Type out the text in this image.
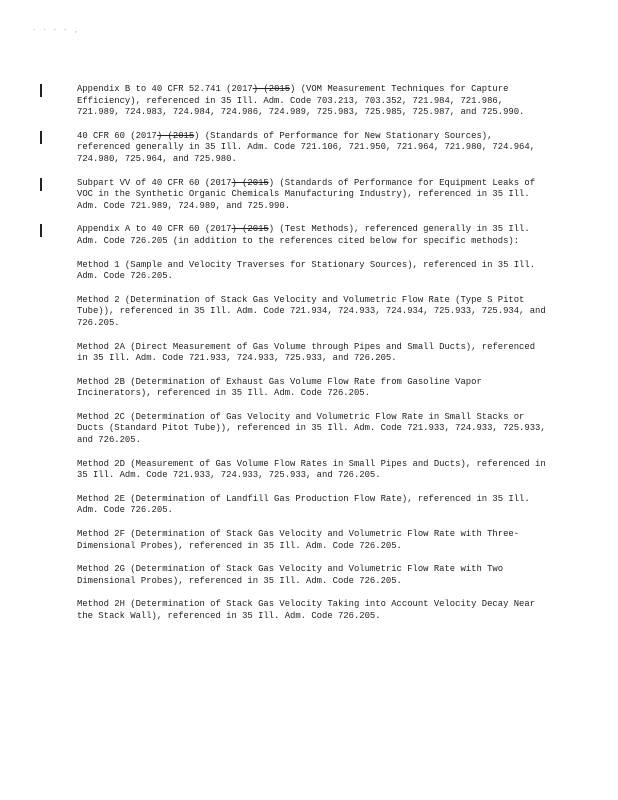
· · · · ,

Appendix B to 40 CFR 52.741 (2017) (2015) (VOM Measurement Techniques for Capture Efficiency), referenced in 35 Ill. Adm. Code 703.213, 703.352, 721.984, 721.986, 721.989, 724.983, 724.984, 724.986, 724.989, 725.983, 725.985, 725.987, and 725.990.

40 CFR 60 (2017) (2015) (Standards of Performance for New Stationary Sources), referenced generally in 35 Ill. Adm. Code 721.106, 721.950, 721.964, 721.980, 724.964, 724.980, 725.964, and 725.980.

Subpart VV of 40 CFR 60 (2017) (2015) (Standards of Performance for Equipment Leaks of VOC in the Synthetic Organic Chemicals Manufacturing Industry), referenced in 35 Ill. Adm. Code 721.989, 724.989, and 725.990.

Appendix A to 40 CFR 60 (2017) (2015) (Test Methods), referenced generally in 35 Ill. Adm. Code 726.205 (in addition to the references cited below for specific methods):

Method 1 (Sample and Velocity Traverses for Stationary Sources), referenced in 35 Ill. Adm. Code 726.205.

Method 2 (Determination of Stack Gas Velocity and Volumetric Flow Rate (Type S Pitot Tube)), referenced in 35 Ill. Adm. Code 721.934, 724.933, 724.934, 725.933, 725.934, and 726.205.

Method 2A (Direct Measurement of Gas Volume through Pipes and Small Ducts), referenced in 35 Ill. Adm. Code 721.933, 724.933, 725.933, and 726.205.

Method 2B (Determination of Exhaust Gas Volume Flow Rate from Gasoline Vapor Incinerators), referenced in 35 Ill. Adm. Code 726.205.

Method 2C (Determination of Gas Velocity and Volumetric Flow Rate in Small Stacks or Ducts (Standard Pitot Tube)), referenced in 35 Ill. Adm. Code 721.933, 724.933, 725.933, and 726.205.

Method 2D (Measurement of Gas Volume Flow Rates in Small Pipes and Ducts), referenced in 35 Ill. Adm. Code 721.933, 724.933, 725.933, and 726.205.

Method 2E (Determination of Landfill Gas Production Flow Rate), referenced in 35 Ill. Adm. Code 726.205.

Method 2F (Determination of Stack Gas Velocity and Volumetric Flow Rate with Three-Dimensional Probes), referenced in 35 Ill. Adm. Code 726.205.

Method 2G (Determination of Stack Gas Velocity and Volumetric Flow Rate with Two Dimensional Probes), referenced in 35 Ill. Adm. Code 726.205.

Method 2H (Determination of Stack Gas Velocity Taking into Account Velocity Decay Near the Stack Wall), referenced in 35 Ill. Adm. Code 726.205.
